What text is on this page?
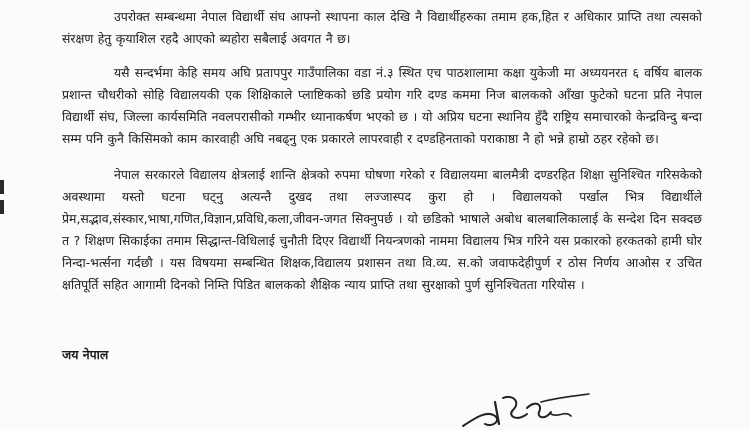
उपरोक्त सम्बन्धमा नेपाल विद्यार्थी संघ आफ्नो स्थापना काल देखि नै विद्यार्थीहरुका तमाम हक,हित र अधिकार प्राप्ति तथा त्यसको संरक्षण हेतु कृयाशिल रहदै आएको ब्यहोरा सबैलाई अवगत नै छ।

यसै सन्दर्भमा केहि समय अघि प्रतापपुर गाउँपालिका वडा नं.३ स्थित एच पाठशालामा कक्षा युकेजी मा अध्ययनरत ६ वर्षिय बालक प्रशान्त चौधरीको सोहि विद्यालयकी एक शिक्षिकाले प्लाष्टिकको छडि प्रयोग गरि दण्ड कममा निज बालकको आँखा फुटेको घटना प्रति नेपाल विद्यार्थी संघ, जिल्ला कार्यसमिति नवलपरासीको गम्भीर ध्यानाकर्षण भएको छ । यो अप्रिय घटना स्थानिय हुँदै राष्ट्रिय समाचारको केन्द्रविन्दु बन्दा सम्म पनि कुनै किसिमको काम कारवाही अघि नबढ्नु एक प्रकारले लापरवाही र दण्डहिनताको पराकाष्ठा नै हो भन्ने हाम्रो ठहर रहेको छ।

नेपाल सरकारले विद्यालय क्षेत्रलाई शान्ति क्षेत्रको रुपमा घोषणा गरेको र विद्यालयमा बालमैत्री दण्डरहित शिक्षा सुनिश्चित गरिसकेको अवस्थामा यस्तो घटना घट्नु अत्यन्तै दुखद तथा लज्जास्पद कुरा हो । विद्यालयको पर्खाल भित्र विद्यार्थीले प्रेम,सद्भाव,संस्कार,भाषा,गणित,विज्ञान,प्रविधि,कला,जीवन-जगत सिक्नुपर्छ । यो छडिको भाषाले अबोध बालबालिकालाई के सन्देश दिन सक्दछ त ? शिक्षण सिकाईका तमाम सिद्धान्त-विधिलाई चुनौती दिएर विद्यार्थी नियन्त्रणको नाममा विद्यालय भित्र गरिने यस प्रकारको हरकतको हामी घोर निन्दा-भर्त्सना गर्दछौ । यस विषयमा सम्बन्धित शिक्षक,विद्यालय प्रशासन तथा वि.व्य. स.को जवाफदेहीपुर्ण र ठोस निर्णय आओस र उचित क्षतिपूर्ति सहित आगामी दिनको निम्ति पिडित बालकको शैक्षिक न्याय प्राप्ति तथा सुरक्षाको पुर्ण सुनिश्चितता गरियोस ।

जय नेपाल
